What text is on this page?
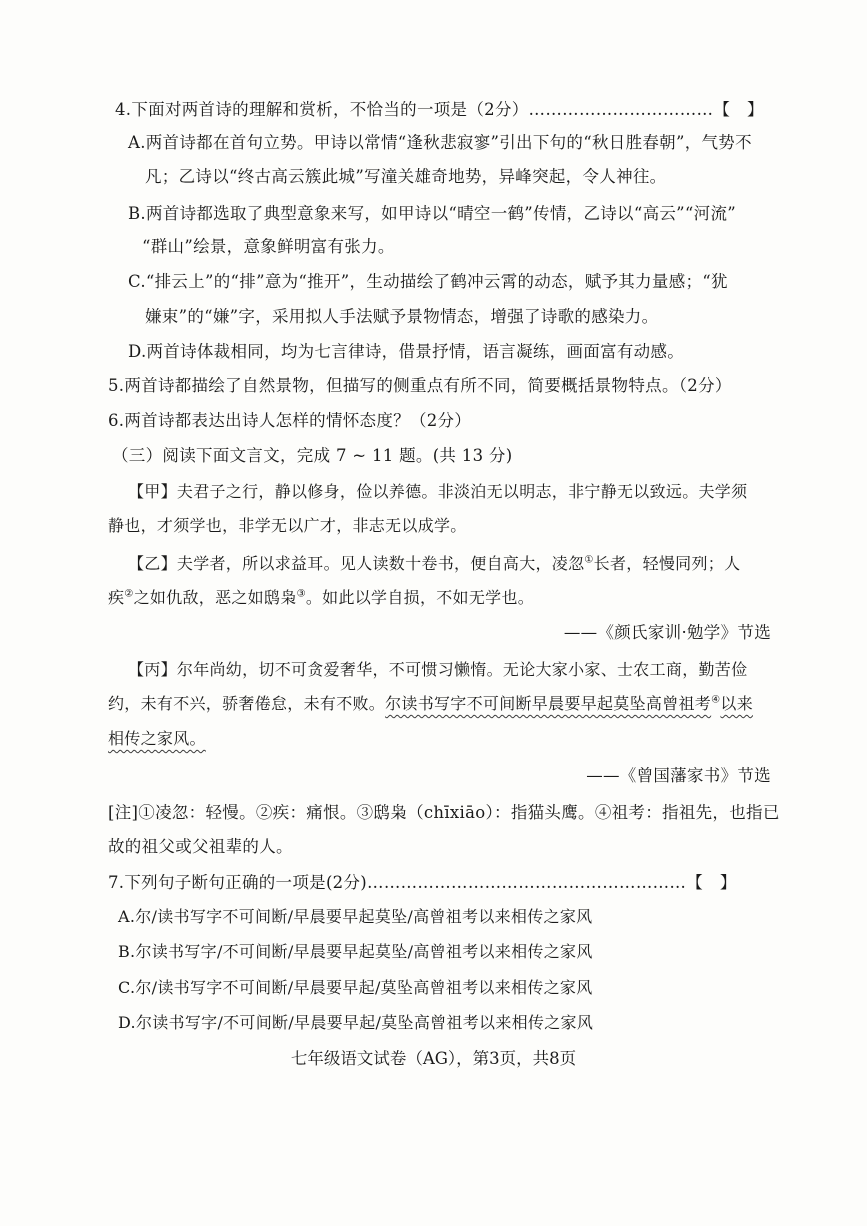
4.下面对两首诗的理解和赏析，不恰当的一项是（2分）……………………………【　】
A.两首诗都在首句立势。甲诗以常情“逢秋悲寂寥”引出下句的“秋日胜春朝”，气势不
凡；乙诗以“终古高云簇此城”写潼关雄奇地势，异峰突起，令人神往。
B.两首诗都选取了典型意象来写，如甲诗以“晴空一鹤”传情，乙诗以“高云”“河流”
“群山”绘景，意象鲜明富有张力。
C.“排云上”的“排”意为“推开”，生动描绘了鹤冲云霄的动态，赋予其力量感；“犹
嫌束”的“嫌”字，采用拟人手法赋予景物情态，增强了诗歌的感染力。
D.两首诗体裁相同，均为七言律诗，借景抒情，语言凝练，画面富有动感。
5.两首诗都描绘了自然景物，但描写的侧重点有所不同，简要概括景物特点。（2分）
6.两首诗都表达出诗人怎样的情怀态度？（2分）
（三）阅读下面文言文，完成 7 ~ 11 题。(共 13 分)
【甲】夫君子之行，静以修身，俭以养德。非淡泊无以明志，非宁静无以致远。夫学须
静也，才须学也，非学无以广才，非志无以成学。
【乙】夫学者，所以求益耳。见人读数十卷书，便自高大，凌忽①长者，轻慢同列；人
疾②之如仇敌，恶之如鸱枭③。如此以学自损，不如无学也。
——《颜氏家训·勉学》节选
【丙】尔年尚幼，切不可贪爱奢华，不可惯习懒惰。无论大家小家、士农工商，勤苦俭
约，未有不兴，骄奢倦怠，未有不败。尔读书写字不可间断早晨要早起莫坠高曾祖考④以来
相传之家风。
——《曾国藩家书》节选
[注]①凌忽：轻慢。②疾：痛恨。③鸱枭（chīxiāo）：指猫头鹰。④祖考：指祖先，也指已
故的祖父或父祖辈的人。
7.下列句子断句正确的一项是(2分)…………………………………………………【　】
A.尔/读书写字不可间断/早晨要早起莫坠/高曾祖考以来相传之家风
B.尔读书写字/不可间断/早晨要早起莫坠/高曾祖考以来相传之家风
C.尔/读书写字不可间断/早晨要早起/莫坠高曾祖考以来相传之家风
D.尔读书写字/不可间断/早晨要早起/莫坠高曾祖考以来相传之家风
七年级语文试卷（AG），第3页，共8页
